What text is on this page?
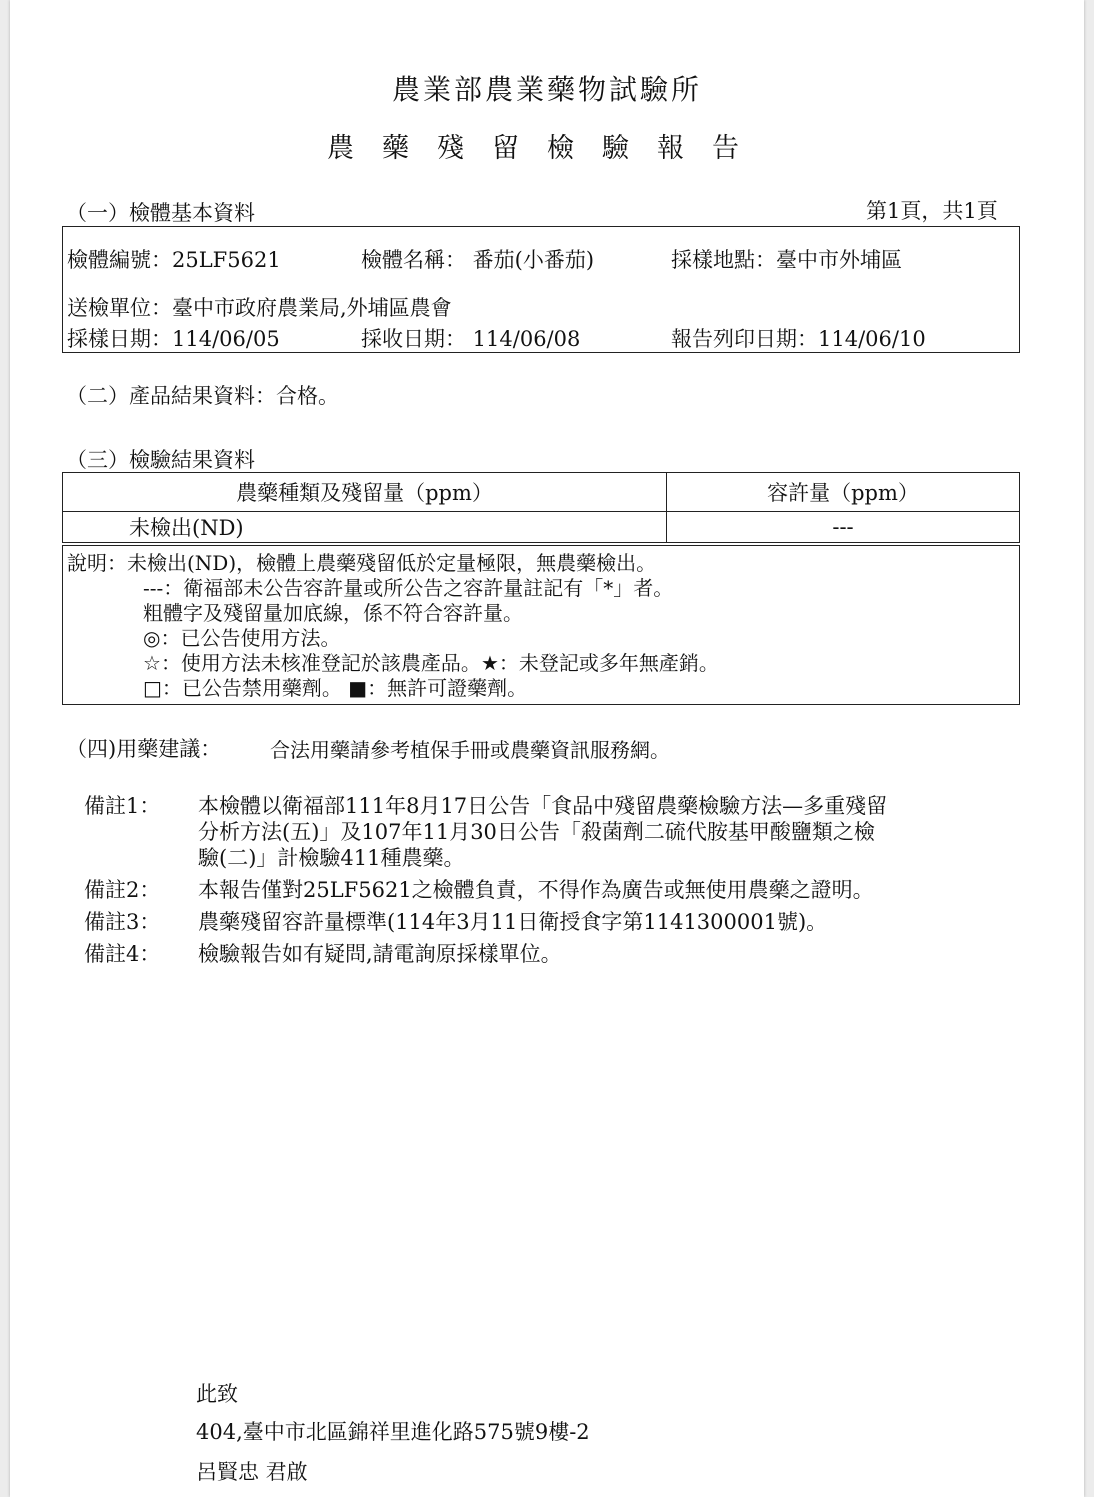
農業部農業藥物試驗所
農藥殘留檢驗報告
（一）檢體基本資料	第1頁，共1頁
檢體編號：25LF5621	檢體名稱： 番茄(小番茄)	採樣地點：臺中市外埔區
送檢單位：臺中市政府農業局,外埔區農會
採樣日期：114/06/05	採收日期： 114/06/08	報告列印日期：114/06/10
（二）產品結果資料：合格。
（三）檢驗結果資料
農藥種類及殘留量（ppm）	容許量（ppm）
未檢出(ND)	---
說明：未檢出(ND)，檢體上農藥殘留低於定量極限，無農藥檢出。
---：衛福部未公告容許量或所公告之容許量註記有「*」者。
粗體字及殘留量加底線，係不符合容許量。
◎：已公告使用方法。
☆：使用方法未核准登記於該農產品。★：未登記或多年無產銷。
□：已公告禁用藥劑。 ■：無許可證藥劑。
（四)用藥建議： 合法用藥請參考植保手冊或農藥資訊服務網。
備註1： 本檢體以衛福部111年8月17日公告「食品中殘留農藥檢驗方法—多重殘留
分析方法(五)」及107年11月30日公告「殺菌劑二硫代胺基甲酸鹽類之檢
驗(二)」計檢驗411種農藥。
備註2： 本報告僅對25LF5621之檢體負責，不得作為廣告或無使用農藥之證明。
備註3： 農藥殘留容許量標準(114年3月11日衛授食字第1141300001號)。
備註4： 檢驗報告如有疑問,請電詢原採樣單位。
此致
404,臺中市北區錦祥里進化路575號9樓-2
呂賢忠 君啟
